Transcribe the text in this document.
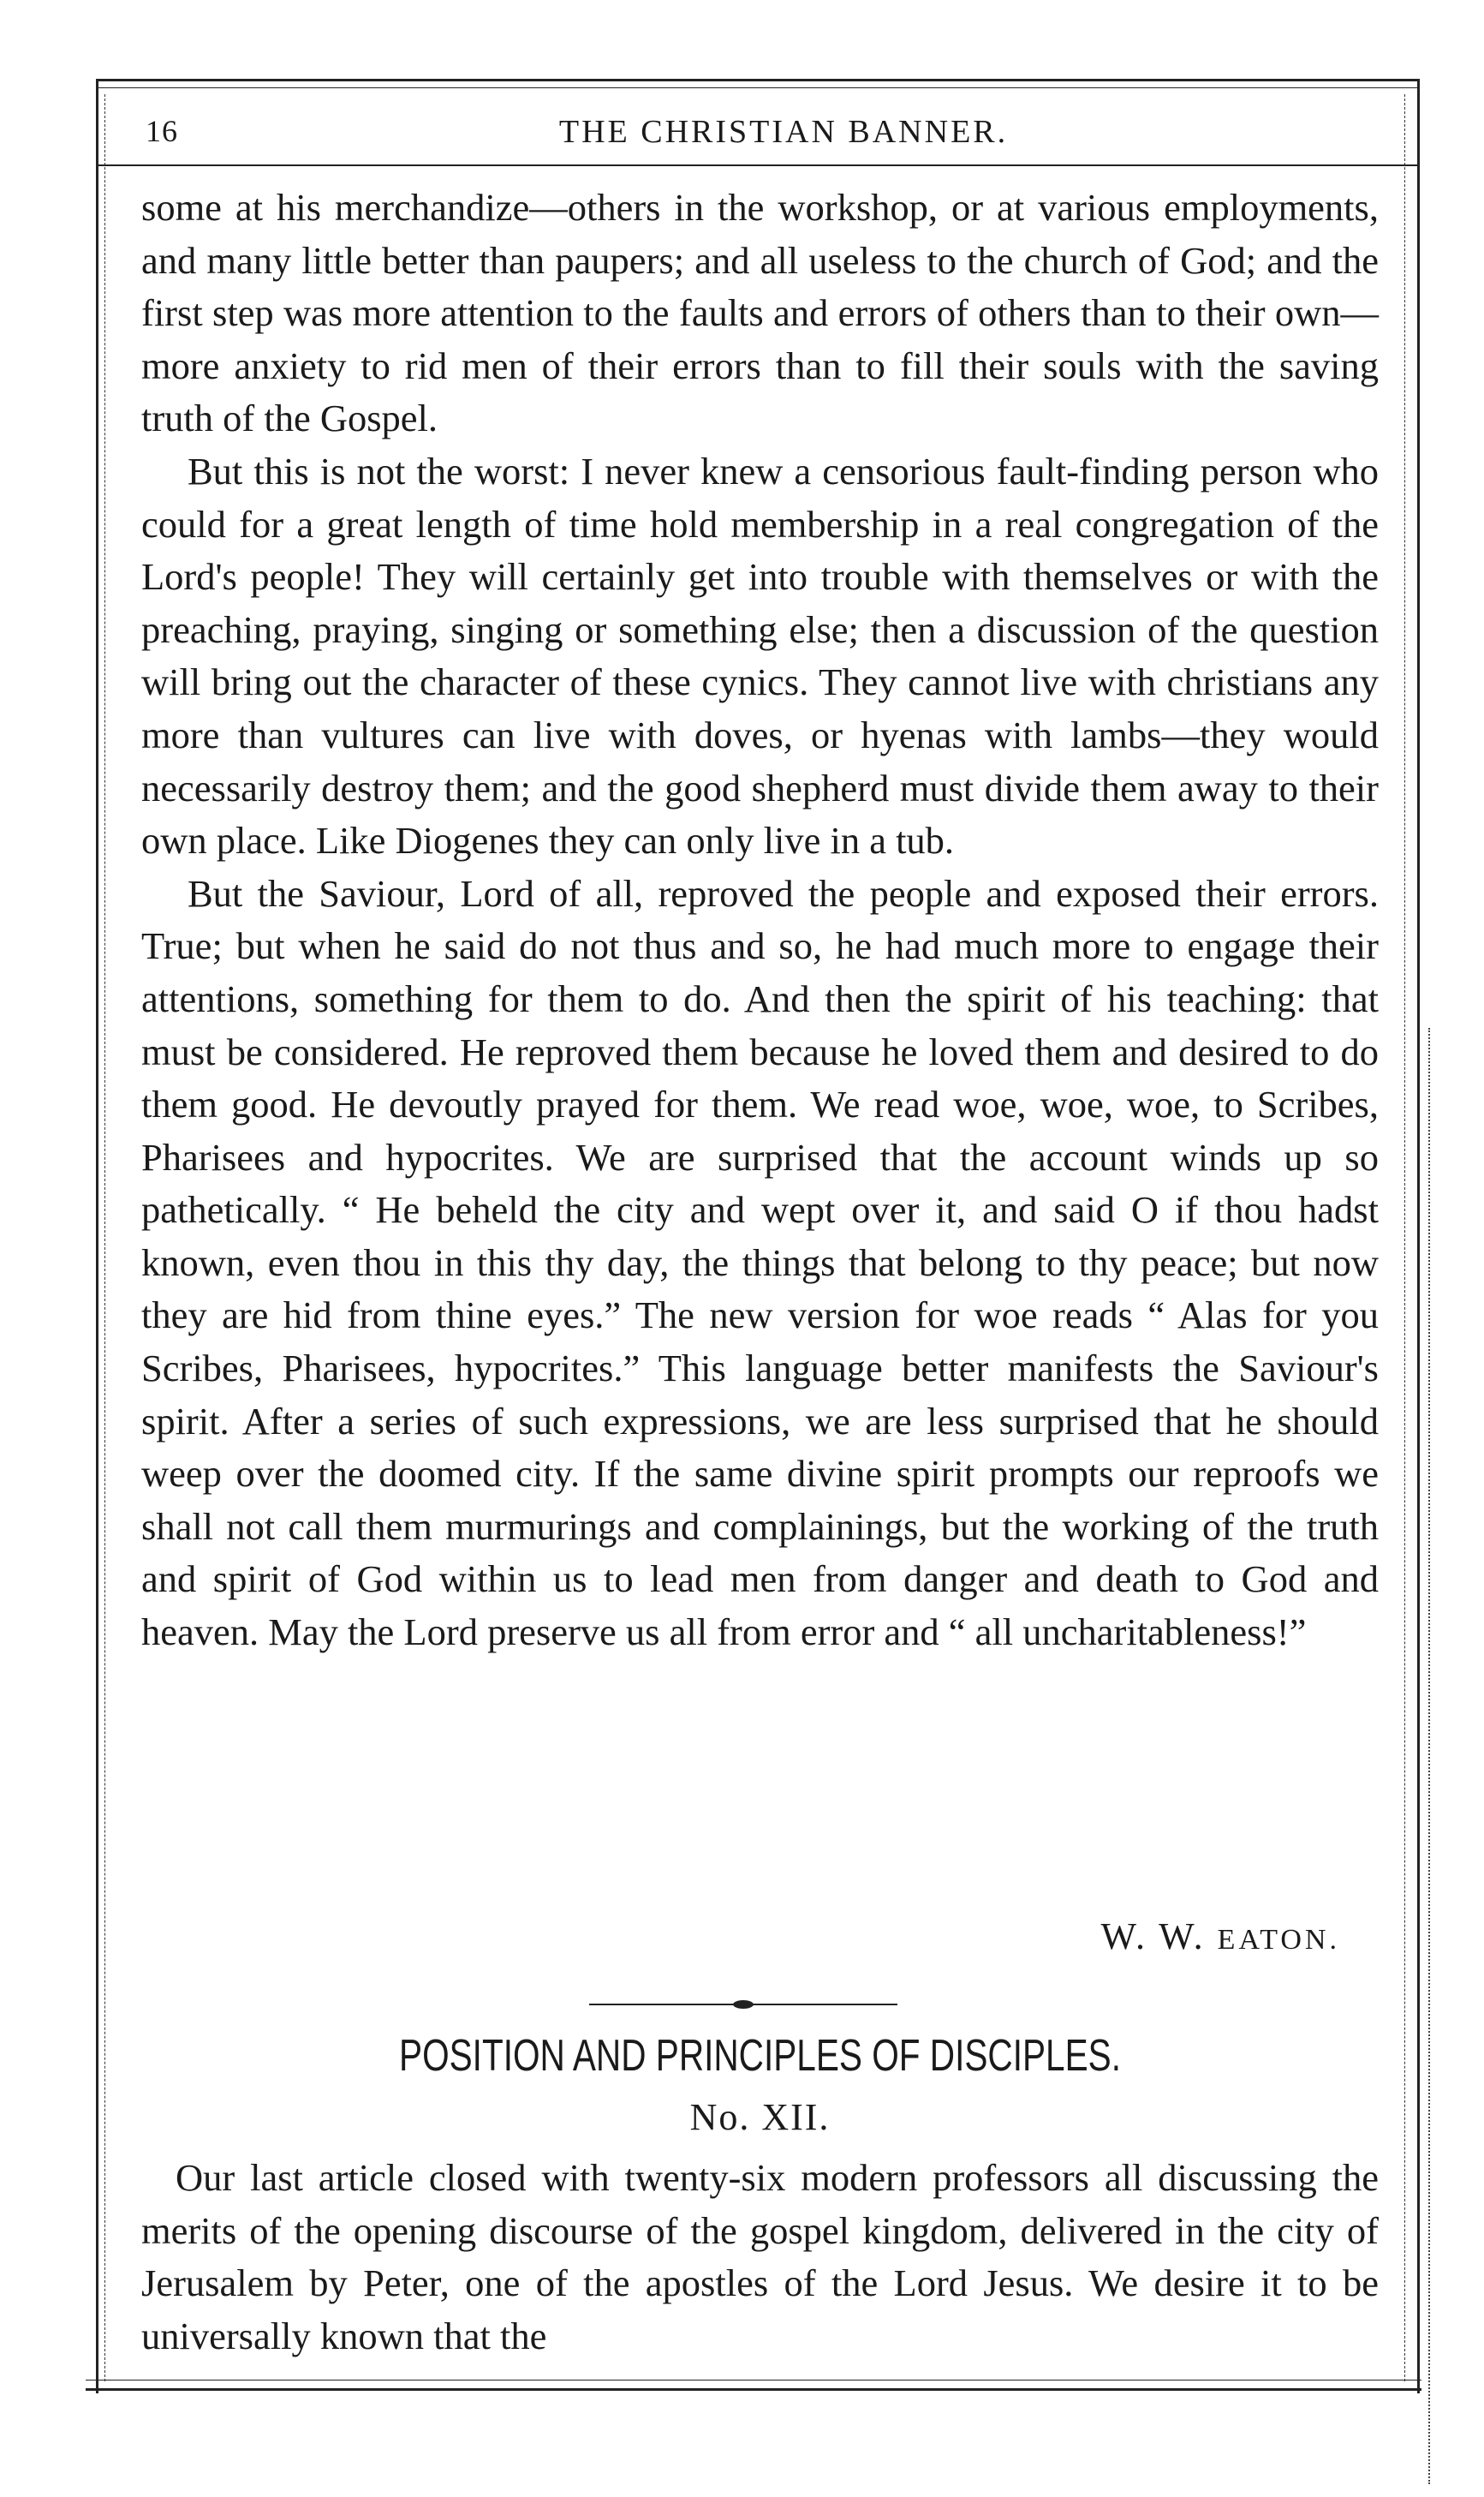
16	THE CHRISTIAN BANNER.

some at his merchandize—others in the workshop, or at various employments, and many little better than paupers; and all useless to the church of God; and the first step was more attention to the faults and errors of others than to their own—more anxiety to rid men of their errors than to fill their souls with the saving truth of the Gospel.

But this is not the worst: I never knew a censorious fault-finding person who could for a great length of time hold membership in a real congregation of the Lord's people! They will certainly get into trouble with themselves or with the preaching, praying, singing or something else; then a discussion of the question will bring out the character of these cynics. They cannot live with christians any more than vultures can live with doves, or hyenas with lambs—they would necessarily destroy them; and the good shepherd must divide them away to their own place. Like Diogenes they can only live in a tub.

But the Saviour, Lord of all, reproved the people and exposed their errors. True; but when he said do not thus and so, he had much more to engage their attentions, something for them to do. And then the spirit of his teaching: that must be considered. He reproved them because he loved them and desired to do them good. He devoutly prayed for them. We read woe, woe, woe, to Scribes, Pharisees and hypocrites. We are surprised that the account winds up so pathetically. “ He beheld the city and wept over it, and said O if thou hadst known, even thou in this thy day, the things that belong to thy peace; but now they are hid from thine eyes.” The new version for woe reads “ Alas for you Scribes, Pharisees, hypocrites.” This language better manifests the Saviour's spirit. After a series of such expressions, we are less surprised that he should weep over the doomed city. If the same divine spirit prompts our reproofs we shall not call them murmurings and complainings, but the working of the truth and spirit of God within us to lead men from danger and death to God and heaven. May the Lord preserve us all from error and “ all uncharitableness!”

W. W. EATON.
POSITION AND PRINCIPLES OF DISCIPLES.
No. XII.

Our last article closed with twenty-six modern professors all discussing the merits of the opening discourse of the gospel kingdom, delivered in the city of Jerusalem by Peter, one of the apostles of the Lord Jesus. We desire it to be universally known that the
